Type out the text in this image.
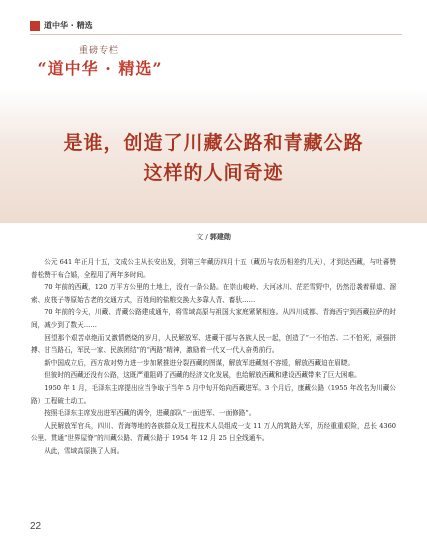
道中华 · 精选
重磅专栏
“道中华 · 精选”
是谁，创造了川藏公路和青藏公路
这样的人间奇迹
文 / 郭建勋

公元 641 年正月十五，文成公主从长安出发，到第三年藏历四月十五（藏历与农历相差约几天），才到达西藏，与吐蕃赞普松赞干布合婚，全程用了两年多时间。

70 年前的西藏，120 万平方公里的土地上，没有一条公路。在崇山峻岭、大河冰川、茫茫雪野中，仍然沿袭着驿道、溜索、皮筏子等原始古老的交通方式，百姓间的盐粮交换大多靠人背、畜驮……

70 年前的今天，川藏、青藏公路建成通车，将雪域高原与祖国大家庭紧紧相连。从四川成都、青海西宁到西藏拉萨的时间，减少到了数天……

回望那个艰苦卓绝而又激情燃烧的岁月，人民解放军、进藏干部与各族人民一起，创造了“一不怕苦、二不怕死，顽强拼搏、甘当路石，军民一家、民族团结”的“两路”精神，激励着一代又一代人奋勇前行。

新中国成立后，西方敌对势力进一步加紧推进分裂西藏的图谋，解放军进藏刻不容缓，解放西藏迫在眉睫。

但彼时的西藏还没有公路，这既严重阻碍了西藏的经济文化发展，也给解放西藏和建设西藏带来了巨大困难。

1950 年 1 月，毛泽东主席提出应当争取于当年 5 月中旬开始向西藏进军。3 个月后，康藏公路（1955 年改名为川藏公路）工程破土动工。

按照毛泽东主席发出进军西藏的调令，进藏部队“一面进军、一面修路”。

人民解放军官兵，四川、青海等地的各族群众及工程技术人员组成一支 11 万人的筑路大军，历经重重艰险，总长 4360 公里、贯通“世界屋脊”的川藏公路、青藏公路于 1954 年 12 月 25 日全线通车。

从此，雪域高原换了人间。

22
